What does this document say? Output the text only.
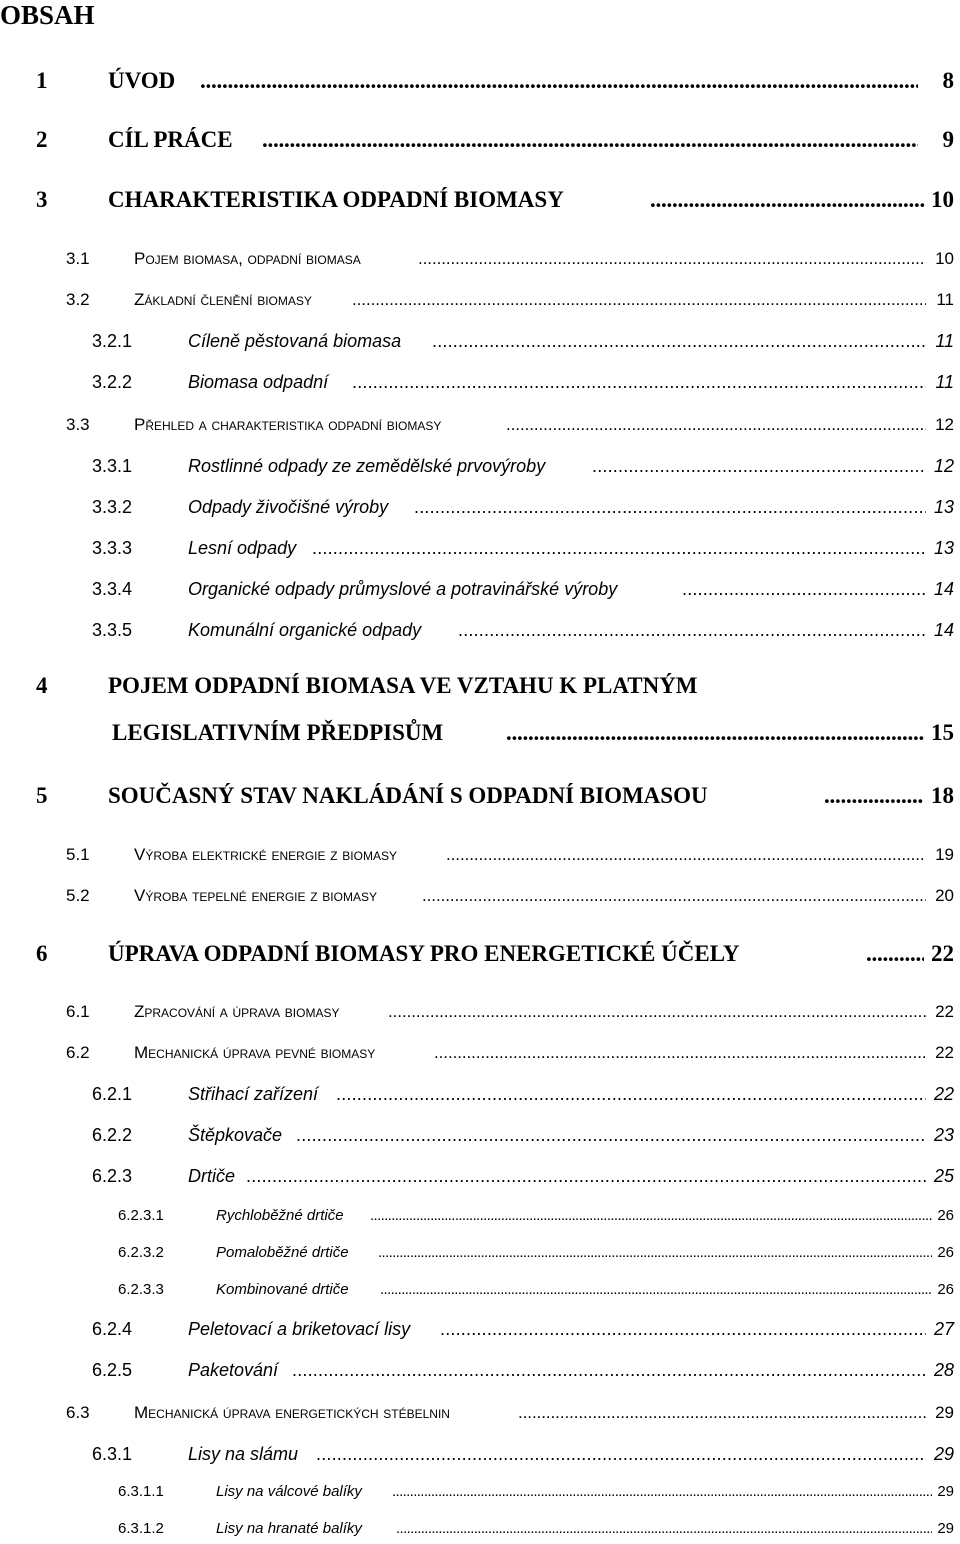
OBSAH
1	ÚVOD . . .	8
2	CÍL PRÁCE . . .	9
3	CHARAKTERISTIKA ODPADNÍ BIOMASY . . .	10
3.1	Pojem biomasa, odpadní biomasa . . .	10
3.2	Základní členění biomasy . . .	11
3.2.1	Cíleně pěstovaná biomasa . . .	11
3.2.2	Biomasa odpadní . . .	11
3.3	Přehled a charakteristika odpadní biomasy . . .	12
3.3.1	Rostlinné odpady ze zemědělské prvovýroby . . .	12
3.3.2	Odpady živočišné výroby . . .	13
3.3.3	Lesní odpady . . .	13
3.3.4	Organické odpady průmyslové a potravinářské výroby . . .	14
3.3.5	Komunální organické odpady . . .	14
4	POJEM ODPADNÍ BIOMASA VE VZTAHU K PLATNÝM
LEGISLATIVNÍM PŘEDPISŮM . . .	15
5	SOUČASNÝ STAV NAKLÁDÁNÍ S ODPADNÍ BIOMASOU . . .	18
5.1	Výroba elektrické energie z biomasy . . .	19
5.2	Výroba tepelné energie z biomasy . . .	20
6	ÚPRAVA ODPADNÍ BIOMASY PRO ENERGETICKÉ ÚČELY . . .	22
6.1	Zpracování a úprava biomasy . . .	22
6.2	Mechanická úprava pevné biomasy . . .	22
6.2.1	Střihací zařízení . . .	22
6.2.2	Štěpkovače . . .	23
6.2.3	Drtiče . . .	25
6.2.3.1	Rychloběžné drtiče . . .	26
6.2.3.2	Pomaloběžné drtiče . . .	26
6.2.3.3	Kombinované drtiče . . .	26
6.2.4	Peletovací a briketovací lisy . . .	27
6.2.5	Paketování . . .	28
6.3	Mechanická úprava energetických stébelnin . . .	29
6.3.1	Lisy na slámu . . .	29
6.3.1.1	Lisy na válcové balíky . . .	29
6.3.1.2	Lisy na hranaté balíky . . .	29
